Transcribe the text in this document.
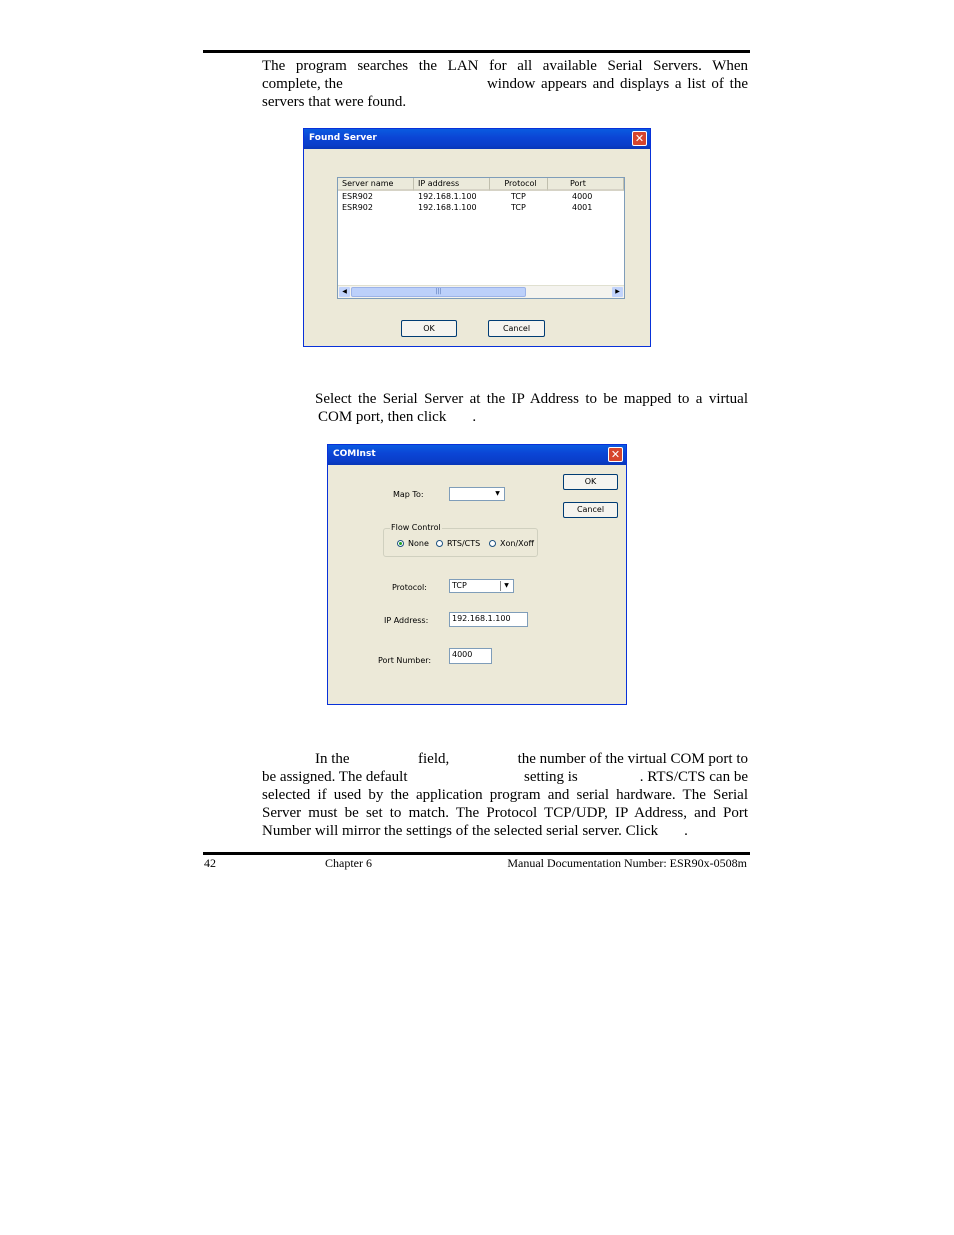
The program searches the LAN for all available Serial Servers. When
complete, the	window appears and displays a list of the
servers that were found.
Found Server	✕
Server name	IP address	Protocol	Port
ESR902	192.168.1.100	TCP	4000
ESR902	192.168.1.100	TCP	4001
◀	|||	▶
OK	Cancel
Select the Serial Server at the IP Address to be mapped to a virtual
COM port, then click .
COMInst	✕
Map To:	▼
OK
Cancel
Flow Control
None RTS/CTS Xon/Xoff
Protocol:	TCP	▼
IP Address:	192.168.1.100
Port Number:
4000
In the	field,	the number of the virtual COM port to
be assigned. The default	setting is	. RTS/CTS can be
selected if used by the application program and serial hardware. The Serial
Server must be set to match. The Protocol TCP/UDP, IP Address, and Port
Number will mirror the settings of the selected serial server. Click .
42	Chapter 6	Manual Documentation Number: ESR90x-0508m
